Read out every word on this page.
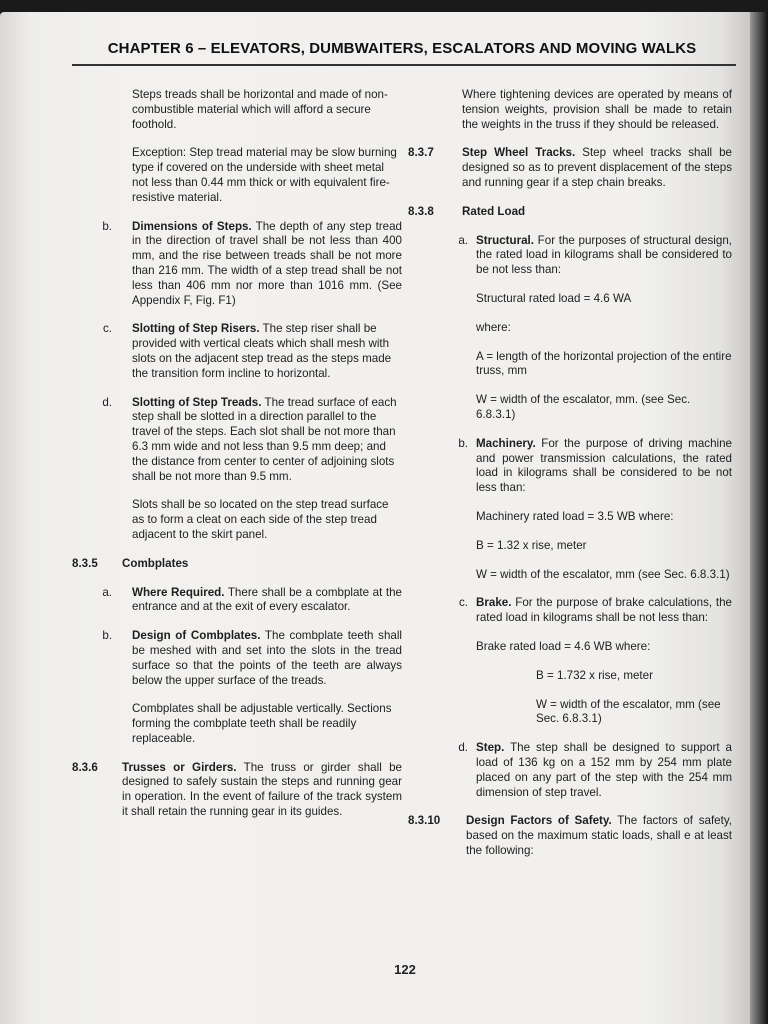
CHAPTER 6 – ELEVATORS, DUMBWAITERS, ESCALATORS AND MOVING WALKS

Steps treads shall be horizontal and made of non-combustible material which will afford a secure foothold.

Exception: Step tread material may be slow burning type if covered on the underside with sheet metal not less than 0.44 mm thick or with equivalent fire-resistive material.

b. Dimensions of Steps. The depth of any step tread in the direction of travel shall be not less than 400 mm, and the rise between treads shall be not more than 216 mm. The width of a step tread shall be not less than 406 mm nor more than 1016 mm. (See Appendix F, Fig. F1)
c. Slotting of Step Risers. The step riser shall be provided with vertical cleats which shall mesh with slots on the adjacent step tread as the steps made the transition form incline to horizontal.
d. Slotting of Step Treads. The tread surface of each step shall be slotted in a direction parallel to the travel of the steps. Each slot shall be not more than 6.3 mm wide and not less than 9.5 mm deep; and the distance from center to center of adjoining slots shall be not more than 9.5 mm.

Slots shall be so located on the step tread surface as to form a cleat on each side of the step tread adjacent to the skirt panel.

8.3.5 Combplates
a. Where Required. There shall be a combplate at the entrance and at the exit of every escalator.
b. Design of Combplates. The combplate teeth shall be meshed with and set into the slots in the tread surface so that the points of the teeth are always below the upper surface of the treads.

Combplates shall be adjustable vertically. Sections forming the combplate teeth shall be readily replaceable.

8.3.6 Trusses or Girders. The truss or girder shall be designed to safely sustain the steps and running gear in operation. In the event of failure of the track system it shall retain the running gear in its guides.

Where tightening devices are operated by means of tension weights, provision shall be made to retain the weights in the truss if they should be released.

8.3.7 Step Wheel Tracks. Step wheel tracks shall be designed so as to prevent displacement of the steps and running gear if a step chain breaks.
8.3.8 Rated Load
a. Structural. For the purposes of structural design, the rated load in kilograms shall be considered to be not less than:

Structural rated load = 4.6 WA

where:

A = length of the horizontal projection of the entire truss, mm

W = width of the escalator, mm. (see Sec. 6.8.3.1)

b. Machinery. For the purpose of driving machine and power transmission calculations, the rated load in kilograms shall be considered to be not less than:

Machinery rated load = 3.5 WB where:

B = 1.32 x rise, meter

W = width of the escalator, mm (see Sec. 6.8.3.1)

c. Brake. For the purpose of brake calculations, the rated load in kilograms shall be not less than:

Brake rated load = 4.6 WB where:

B = 1.732 x rise, meter

W = width of the escalator, mm (see Sec. 6.8.3.1)

d. Step. The step shall be designed to support a load of 136 kg on a 152 mm by 254 mm plate placed on any part of the step with the 254 mm dimension of step travel.
8.3.10 Design Factors of Safety. The factors of safety, based on the maximum static loads, shall e at least the following:
122
